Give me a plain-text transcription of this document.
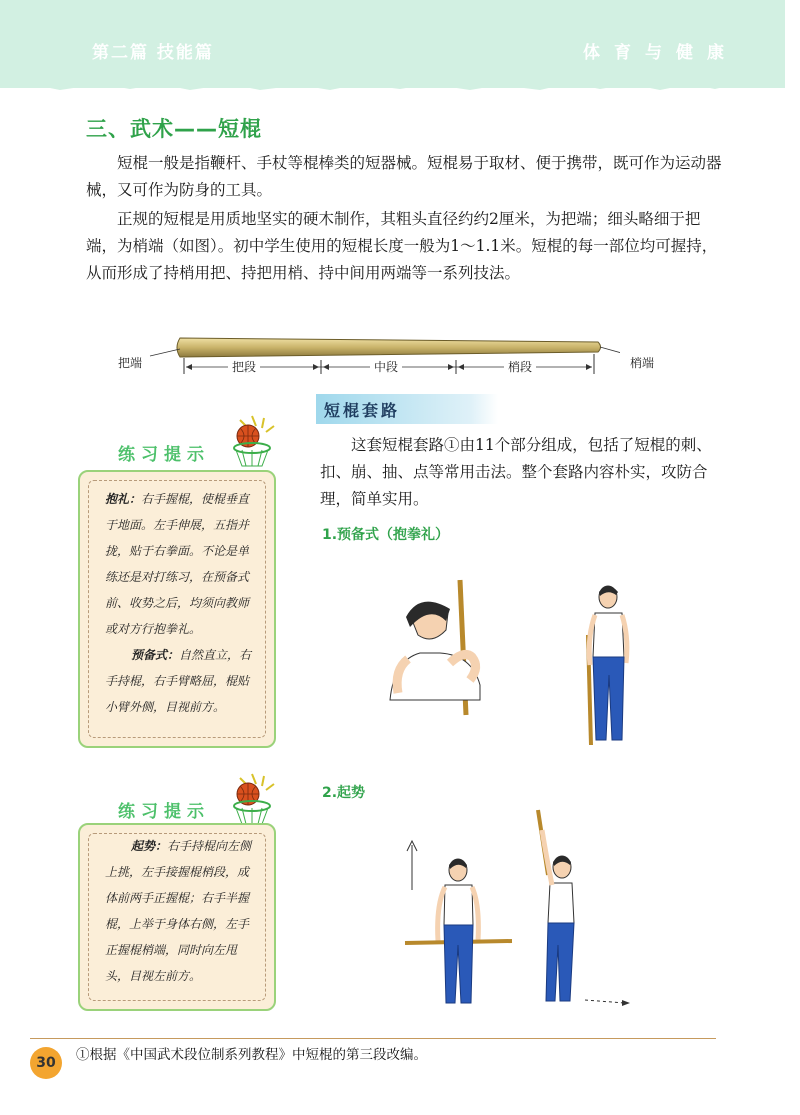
第二篇 技能篇	体育与健康
三、武术——短棍
短棍一般是指鞭杆、手杖等棍棒类的短器械。短棍易于取材、便于携带，既可作为运动器械，又可作为防身的工具。
正规的短棍是用质地坚实的硬木制作，其粗头直径约约2厘米，为把端；细头略细于把端，为梢端（如图）。初中学生使用的短棍长度一般为1～1.1米。短棍的每一部位均可握持，从而形成了持梢用把、持把用梢、持中间用两端等一系列技法。
把端	梢端
把段	中段	梢段
短棍套路
这套短棍套路①由11个部分组成，包括了短棍的刺、扣、崩、抽、点等常用击法。整个套路内容朴实，攻防合理，简单实用。
1.预备式（抱拳礼）
2.起势
练习提示
抱礼：右手握棍，使棍垂直于地面。左手伸展，五指并拢，贴于右拳面。不论是单练还是对打练习，在预备式前、收势之后，均须向教师或对方行抱拳礼。
预备式：自然直立，右手持棍，右手臂略屈，棍贴小臂外侧，目视前方。
练习提示
起势：右手持棍向左侧上挑，左手接握棍梢段，成体前两手正握棍；右手半握棍，上举于身体右侧，左手正握棍梢端，同时向左甩头，目视左前方。
①根据《中国武术段位制系列教程》中短棍的第三段改编。
30
